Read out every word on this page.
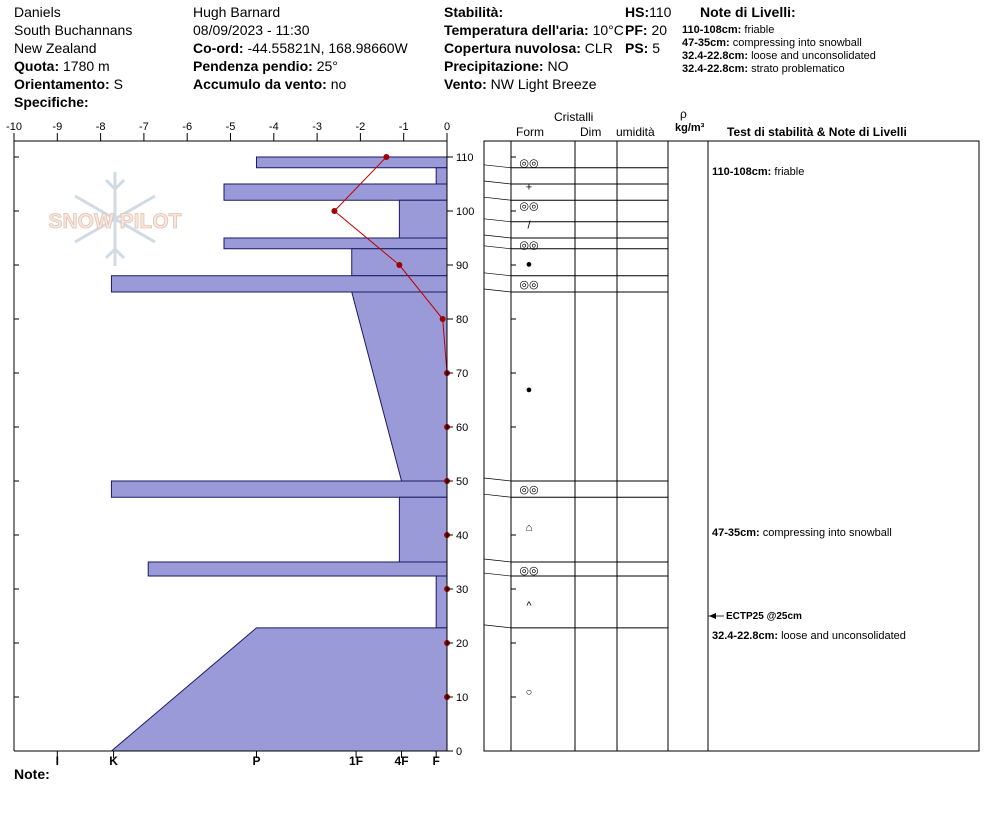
Daniels
South Buchannans
New Zealand
Quota: 1780 m
Orientamento: S
Specifiche:
Hugh Barnard
08/09/2023 - 11:30
Co-ord: -44.55821N, 168.98660W
Pendenza pendio: 25°
Accumulo da vento: no
Stabilità:
Temperatura dell'aria: 10°C
Copertura nuvolosa: CLR
Precipitazione: NO
Vento: NW Light Breeze
HS:110
PF: 20
PS: 5
Note di Livelli:
110-108cm: friable
47-35cm: compressing into snowball
32.4-22.8cm: loose and unconsolidated
32.4-22.8cm: strato problematico
Note:
Cristalli
Form	Dim umidità
ρ
kg/m³ Test di stabilità & Note di Livelli
110-108cm: friable
47-35cm: compressing into snowball
32.4-22.8cm: loose and unconsolidated
ECTP25 @25cm
SNOW PILOT
-10	-9	-8	-7	-6	-5	-4	-3	-2	-1	0
0
10
20
30
40
50
60
70
80
90
100
110
I	K	P	1F	4F F
◎◎
+
◎◎
/
◎◎
●
◎◎
●
◎◎
⌂
◎◎
^
○
